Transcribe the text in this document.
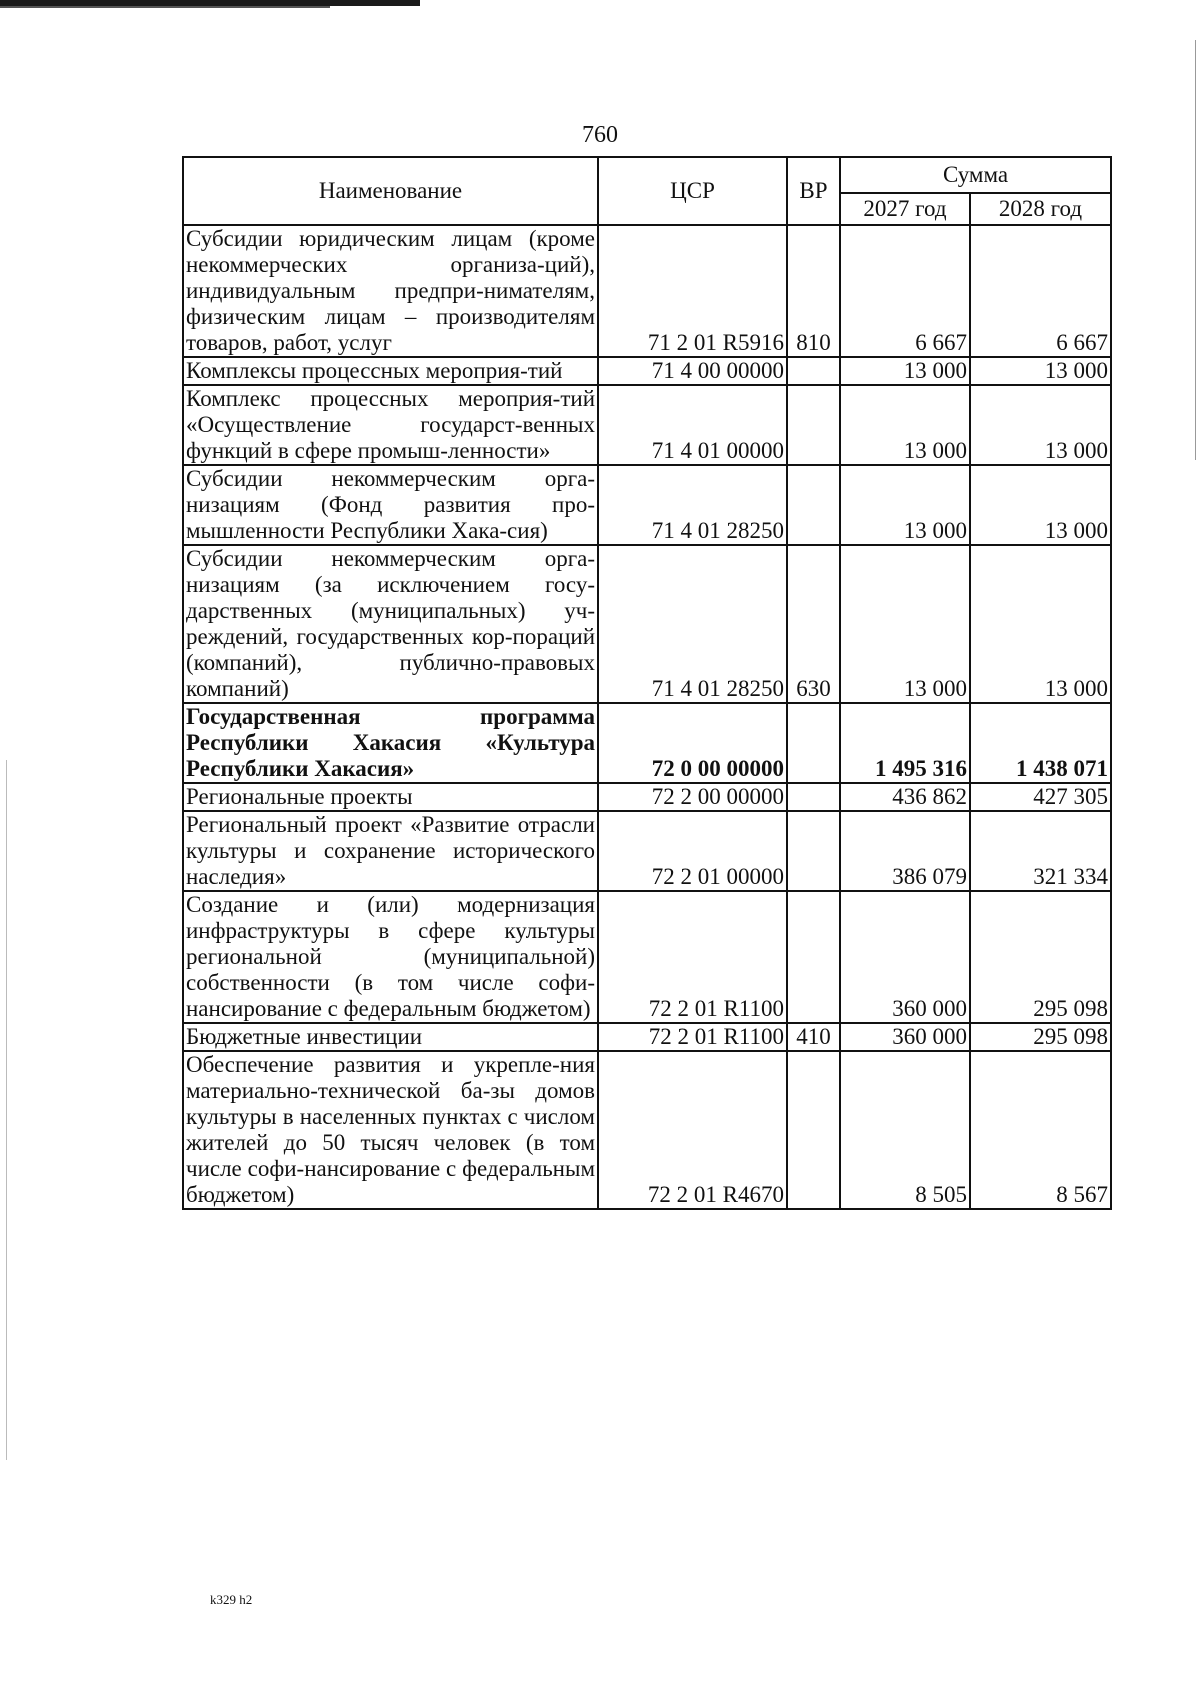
760
Наименование	ЦСР	ВР	Сумма	
			2027 год	2028 год
Субсидии юридическим лицам (кроме некоммерческих организа-ций), индивидуальным предпри-нимателям, физическим лицам – производителям товаров, работ, услуг	71 2 01 R5916	810	6 667	6 667
Комплексы процессных мероприя-тий	71 4 00 00000		13 000	13 000
Комплекс процессных мероприя-тий «Осуществление государст-венных функций в сфере промыш-ленности»	71 4 01 00000		13 000	13 000
Субсидии некоммерческим орга-низациям (Фонд развития про-мышленности Республики Хака-сия)	71 4 01 28250		13 000	13 000
Субсидии некоммерческим орга-низациям (за исключением госу-дарственных (муниципальных) уч-реждений, государственных кор-пораций (компаний), публично-правовых компаний)	71 4 01 28250	630	13 000	13 000
Государственная программа Республики Хакасия «Культура Республики Хакасия»	72 0 00 00000		1 495 316	1 438 071
Региональные проекты	72 2 00 00000		436 862	427 305
Региональный проект «Развитие отрасли культуры и сохранение исторического наследия»	72 2 01 00000		386 079	321 334
Создание и (или) модернизация инфраструктуры в сфере культуры региональной (муниципальной) собственности (в том числе софи-нансирование с федеральным бюджетом)	72 2 01 R1100		360 000	295 098
Бюджетные инвестиции	72 2 01 R1100	410	360 000	295 098
Обеспечение развития и укрепле-ния материально-технической ба-зы домов культуры в населенных пунктах с числом жителей до 50 тысяч человек (в том числе софи-нансирование с федеральным бюджетом)	72 2 01 R4670		8 505	8 567
k329 h2
